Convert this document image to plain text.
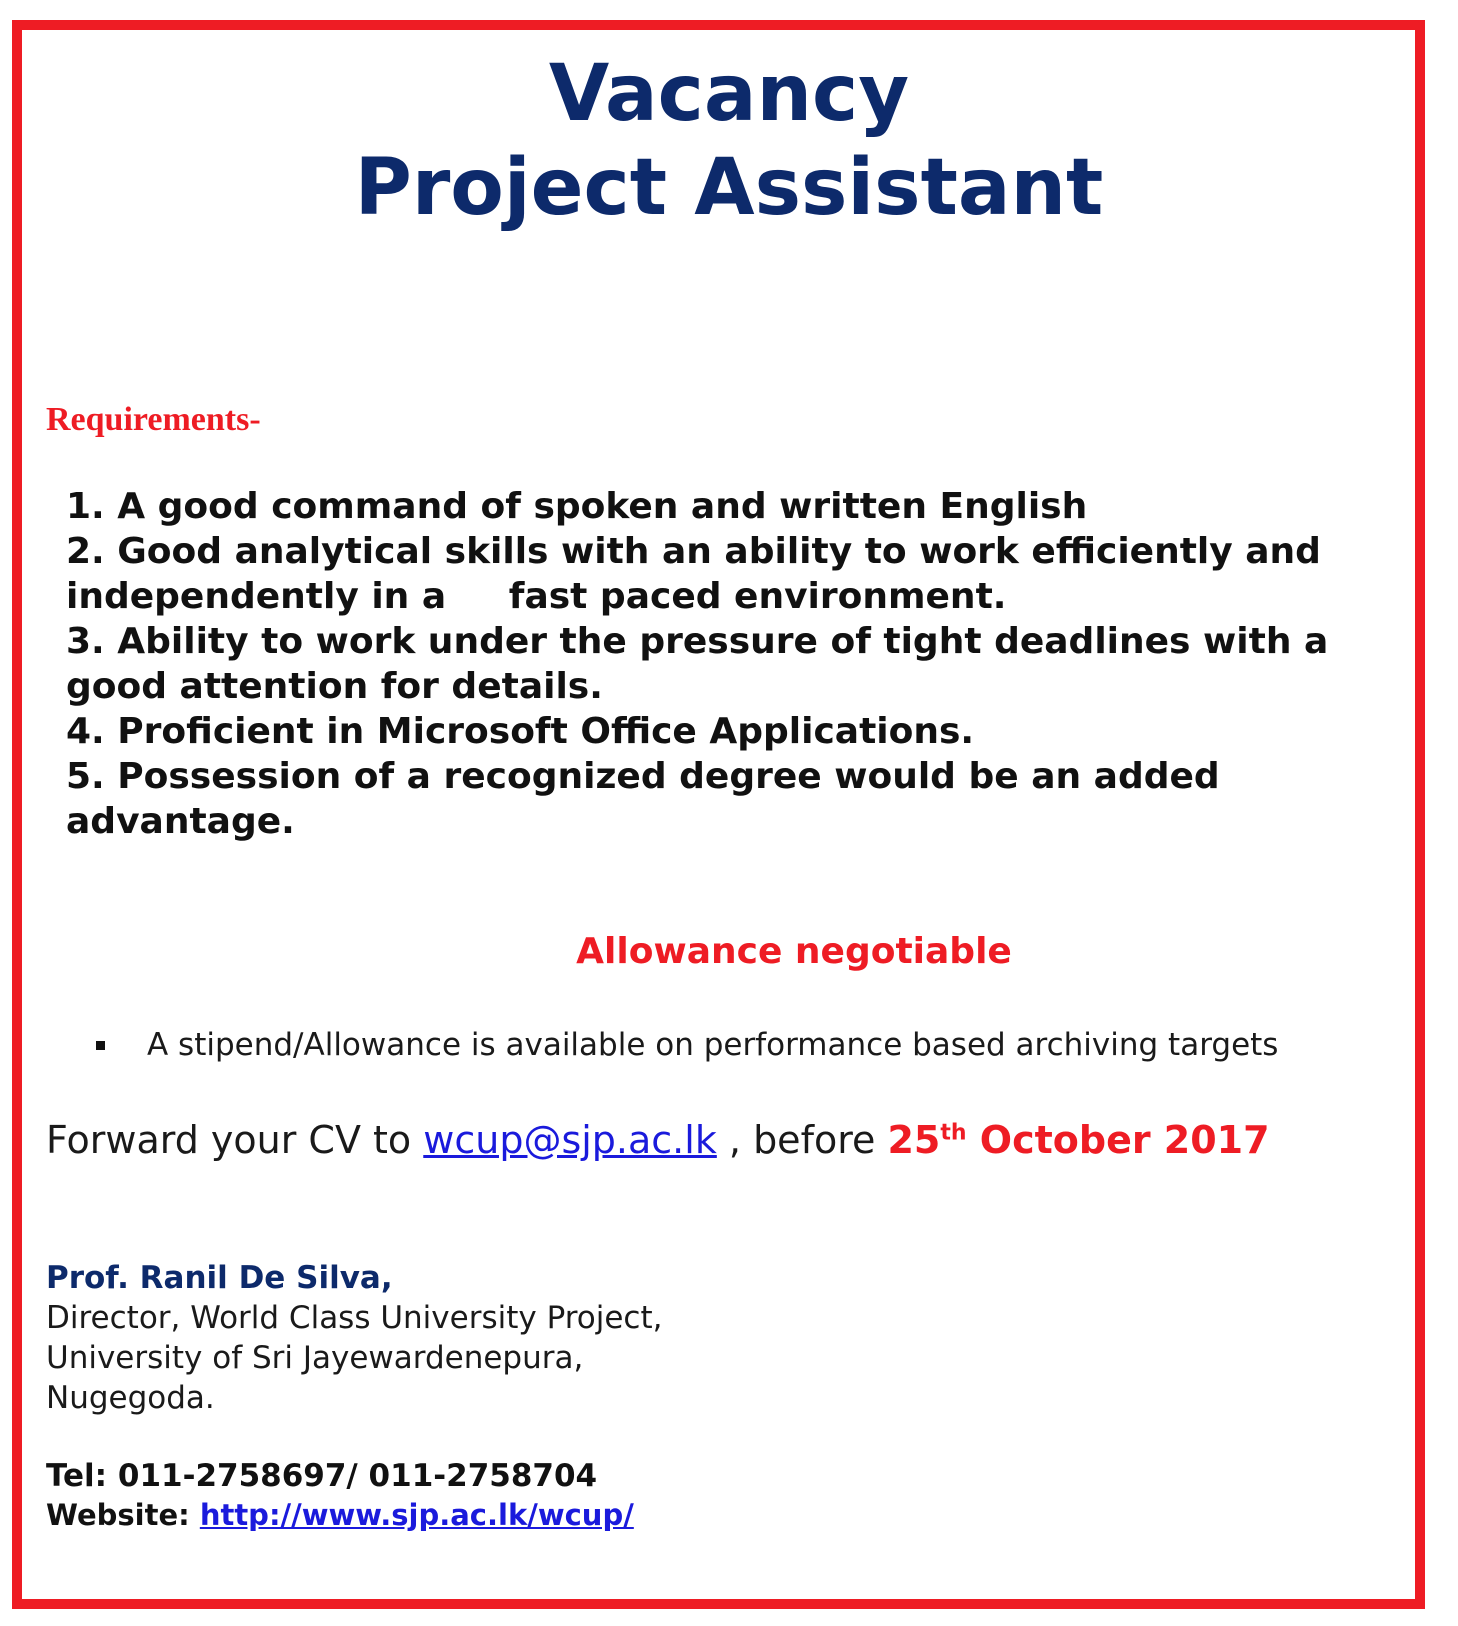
Vacancy
Project Assistant
Requirements-
1. A good command of spoken and written English
2. Good analytical skills with an ability to work efficiently and independently in a     fast paced environment.
3. Ability to work under the pressure of tight deadlines with a good attention for details.
4. Proficient in Microsoft Office Applications.
5. Possession of a recognized degree would be an added advantage.
Allowance negotiable
A stipend/Allowance is available on performance based archiving targets
Forward your CV to wcup@sjp.ac.lk , before 25th October 2017
Prof. Ranil De Silva,
Director, World Class University Project,
University of Sri Jayewardenepura,
Nugegoda.
Tel: 011-2758697/ 011-2758704
Website: http://www.sjp.ac.lk/wcup/
